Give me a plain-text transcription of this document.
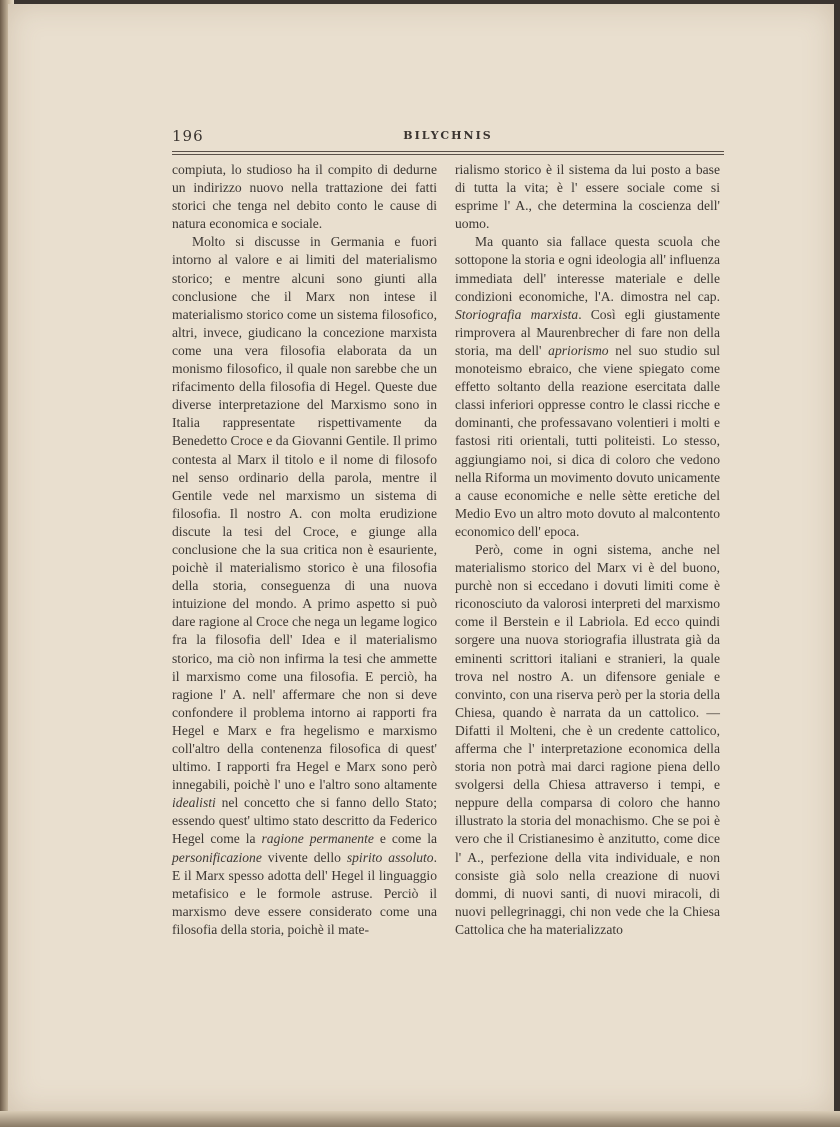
196	BILYCHNIS

compiuta, lo studioso ha il compito di dedurne un indirizzo nuovo nella trattazione dei fatti storici che tenga nel debito conto le cause di natura economica e sociale.

Molto si discusse in Germania e fuori intorno al valore e ai limiti del materialismo storico; e mentre alcuni sono giunti alla conclusione che il Marx non intese il materialismo storico come un sistema filosofico, altri, invece, giudicano la concezione marxista come una vera filosofia elaborata da un monismo filosofico, il quale non sarebbe che un rifacimento della filosofia di Hegel. Queste due diverse interpretazione del Marxismo sono in Italia rappresentate rispettivamente da Benedetto Croce e da Giovanni Gentile. Il primo contesta al Marx il titolo e il nome di filosofo nel senso ordinario della parola, mentre il Gentile vede nel marxismo un sistema di filosofia. Il nostro A. con molta erudizione discute la tesi del Croce, e giunge alla conclusione che la sua critica non è esauriente, poichè il materialismo storico è una filosofia della storia, conseguenza di una nuova intuizione del mondo. A primo aspetto si può dare ragione al Croce che nega un legame logico fra la filosofia dell' Idea e il materialismo storico, ma ciò non infirma la tesi che ammette il marxismo come una filosofia. E perciò, ha ragione l' A. nell' affermare che non si deve confondere il problema intorno ai rapporti fra Hegel e Marx e fra hegelismo e marxismo coll'altro della contenenza filosofica di quest' ultimo. I rapporti fra Hegel e Marx sono però innegabili, poichè l' uno e l'altro sono altamente idealisti nel concetto che si fanno dello Stato; essendo quest' ultimo stato descritto da Federico Hegel come la ragione permanente e come la personificazione vivente dello spirito assoluto. E il Marx spesso adotta dell' Hegel il linguaggio metafisico e le formole astruse. Perciò il marxismo deve essere considerato come una filosofia della storia, poichè il mate-

rialismo storico è il sistema da lui posto a base di tutta la vita; è l' essere sociale come si esprime l' A., che determina la coscienza dell' uomo.

Ma quanto sia fallace questa scuola che sottopone la storia e ogni ideologia all' influenza immediata dell' interesse materiale e delle condizioni economiche, l'A. dimostra nel cap. Storiografia marxista. Così egli giustamente rimprovera al Maurenbrecher di fare non della storia, ma dell' apriorismo nel suo studio sul monoteismo ebraico, che viene spiegato come effetto soltanto della reazione esercitata dalle classi inferiori oppresse contro le classi ricche e dominanti, che professavano volentieri i molti e fastosi riti orientali, tutti politeisti. Lo stesso, aggiungiamo noi, si dica di coloro che vedono nella Riforma un movimento dovuto unicamente a cause economiche e nelle sètte eretiche del Medio Evo un altro moto dovuto al malcontento economico dell' epoca.

Però, come in ogni sistema, anche nel materialismo storico del Marx vi è del buono, purchè non si eccedano i dovuti limiti come è riconosciuto da valorosi interpreti del marxismo come il Berstein e il Labriola. Ed ecco quindi sorgere una nuova storiografia illustrata già da eminenti scrittori italiani e stranieri, la quale trova nel nostro A. un difensore geniale e convinto, con una riserva però per la storia della Chiesa, quando è narrata da un cattolico. — Difatti il Molteni, che è un credente cattolico, afferma che l' interpretazione economica della storia non potrà mai darci ragione piena dello svolgersi della Chiesa attraverso i tempi, e neppure della comparsa di coloro che hanno illustrato la storia del monachismo. Che se poi è vero che il Cristianesimo è anzitutto, come dice l' A., perfezione della vita individuale, e non consiste già solo nella creazione di nuovi dommi, di nuovi santi, di nuovi miracoli, di nuovi pellegrinaggi, chi non vede che la Chiesa Cattolica che ha materializzato
